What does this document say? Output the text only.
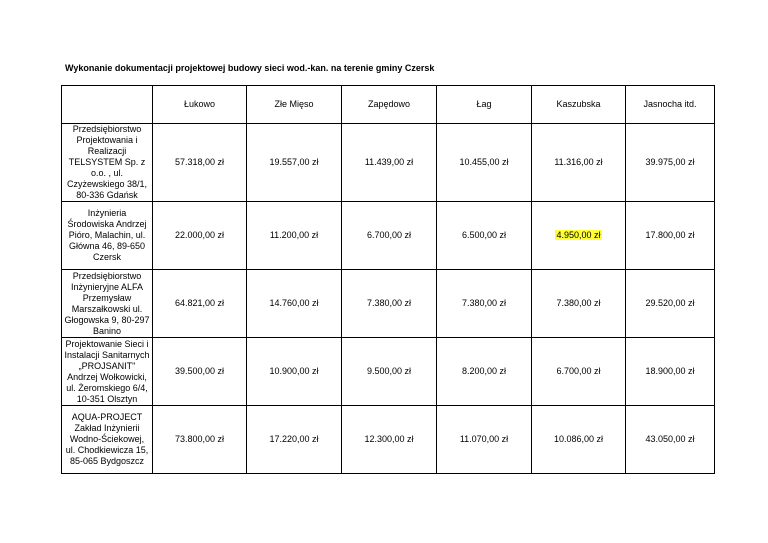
Wykonanie dokumentacji projektowej budowy sieci wod.-kan. na terenie gminy Czersk
	Łukowo	Złe Mięso	Zapędowo	Łag	Kaszubska	Jasnocha itd.
Przedsiębiorstwo Projektowania i Realizacji TELSYSTEM Sp. z o.o. , ul. Czyżewskiego 38/1, 80-336 Gdańsk	57.318,00 zł	19.557,00 zł	11.439,00 zł	10.455,00 zł	11.316,00 zł	39.975,00 zł
Inżynieria Środowiska Andrzej Pióro, Malachin, ul. Główna 46, 89-650 Czersk	22.000,00 zł	11.200,00 zł	6.700,00 zł	6.500,00 zł	4.950,00 zł	17.800,00 zł
Przedsiębiorstwo Inżynieryjne ALFA Przemysław Marszałkowski ul. Głogowska 9, 80-297 Banino	64.821,00 zł	14.760,00 zł	7.380,00 zł	7.380,00 zł	7.380,00 zł	29.520,00 zł
Projektowanie Sieci i Instalacji Sanitarnych „PROJSANIT" Andrzej Wołkowicki, ul. Żeromskiego 6/4, 10-351 Olsztyn	39.500,00 zł	10.900,00 zł	9.500,00 zł	8.200,00 zł	6.700,00 zł	18.900,00 zł
AQUA-PROJECT Zakład Inżynierii Wodno-Ściekowej, ul. Chodkiewicza 15, 85-065 Bydgoszcz	73.800,00 zł	17.220,00 zł	12.300,00 zł	11.070,00 zł	10.086,00 zł	43.050,00 zł
